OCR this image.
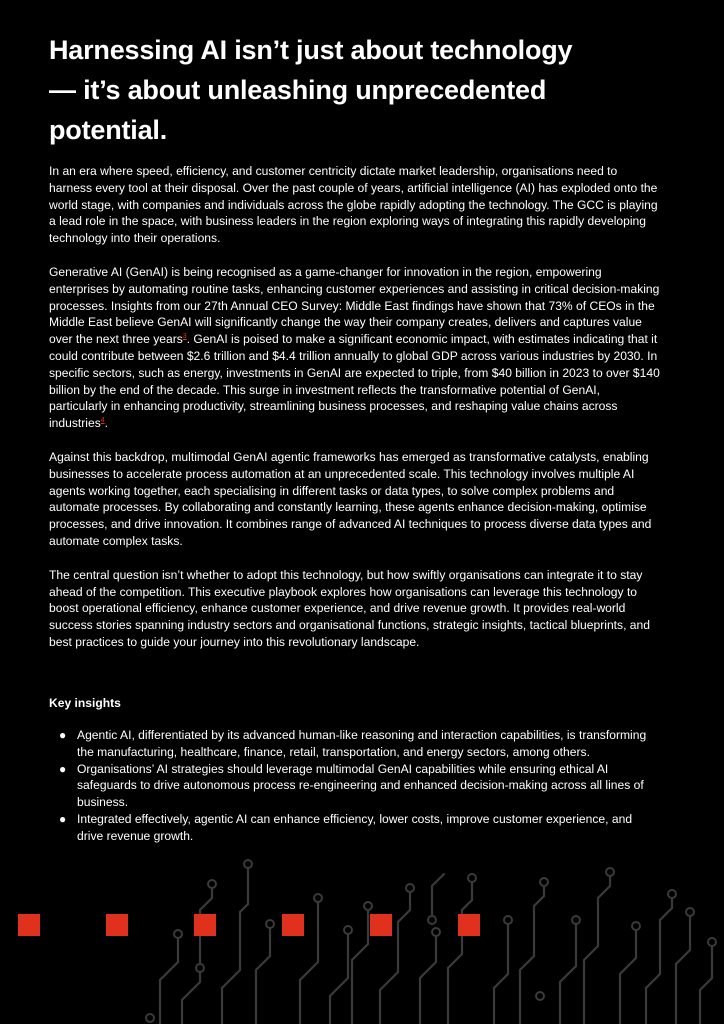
Harnessing AI isn’t just about technology— it’s about unleashing unprecedented potential.

In an era where speed, efficiency, and customer centricity dictate market leadership, organisations need to harness every tool at their disposal. Over the past couple of years, artificial intelligence (AI) has exploded onto the world stage, with companies and individuals across the globe rapidly adopting the technology. The GCC is playing a lead role in the space, with business leaders in the region exploring ways of integrating this rapidly developing technology into their operations.

Generative AI (GenAI) is being recognised as a game-changer for innovation in the region, empowering enterprises by automating routine tasks, enhancing customer experiences and assisting in critical decision-making processes. Insights from our 27th Annual CEO Survey: Middle East findings have shown that 73% of CEOs in the Middle East believe GenAI will significantly change the way their company creates, delivers and captures value over the next three years$^3$. GenAI is poised to make a significant economic impact, with estimates indicating that it could contribute between $2.6 trillion and $4.4 trillion annually to global GDP across various industries by 2030. In specific sectors, such as energy, investments in GenAI are expected to triple, from $40 billion in 2023 to over $140 billion by the end of the decade. This surge in investment reflects the transformative potential of GenAI, particularly in enhancing productivity, streamlining business processes, and reshaping value chains across industries$^4$.

Against this backdrop, multimodal GenAI agentic frameworks has emerged as transformative catalysts, enabling businesses to accelerate process automation at an unprecedented scale. This technology involves multiple AI agents working together, each specialising in different tasks or data types, to solve complex problems and automate processes. By collaborating and constantly learning, these agents enhance decision-making, optimise processes, and drive innovation. It combines range of advanced AI techniques to process diverse data types and automate complex tasks.

The central question isn’t whether to adopt this technology, but how swiftly organisations can integrate it to stay ahead of the competition. This executive playbook explores how organisations can leverage this technology to boost operational efficiency, enhance customer experience, and drive revenue growth. It provides real-world success stories spanning industry sectors and organisational functions, strategic insights, tactical blueprints, and best practices to guide your journey into this revolutionary landscape.

Key insights
● Agentic AI, differentiated by its advanced human-like reasoning and interaction capabilities, is transforming the manufacturing, healthcare, finance, retail, transportation, and energy sectors, among others.
● Organisations’ AI strategies should leverage multimodal GenAI capabilities while ensuring ethical AI safeguards to drive autonomous process re-engineering and enhanced decision-making across all lines of business.
● Integrated effectively, agentic AI can enhance efficiency, lower costs, improve customer experience, and drive revenue growth.
